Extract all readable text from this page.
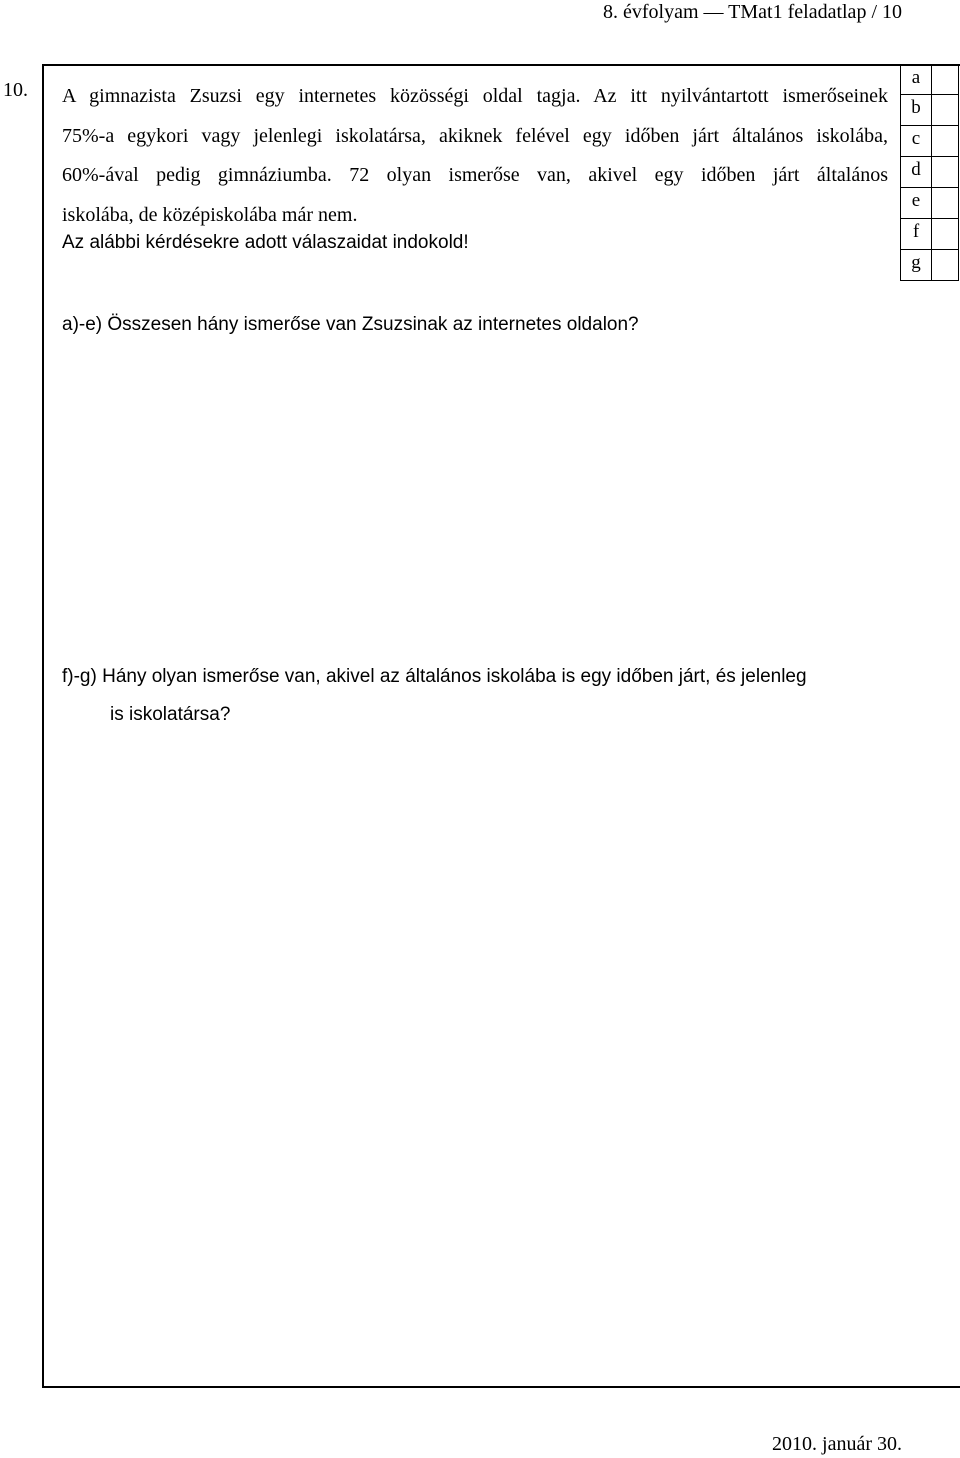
8. évfolyam — TMat1 feladatlap / 10
10. A gimnazista Zsuzsi egy internetes közösségi oldal tagja. Az itt nyilvántartott ismerőseinek
75%-a egykori vagy jelenlegi iskolatársa, akiknek felével egy időben járt általános iskolába,
60%-ával pedig gimnáziumba. 72 olyan ismerőse van, akivel egy időben járt általános
iskolába, de középiskolába már nem.
Az alábbi kérdésekre adott válaszaidat indokold!
a
b
c
d
e
f
g
a)-e) Összesen hány ismerőse van Zsuzsinak az internetes oldalon?
f)-g) Hány olyan ismerőse van, akivel az általános iskolába is egy időben járt, és jelenleg
is iskolatársa?
2010. január 30.
